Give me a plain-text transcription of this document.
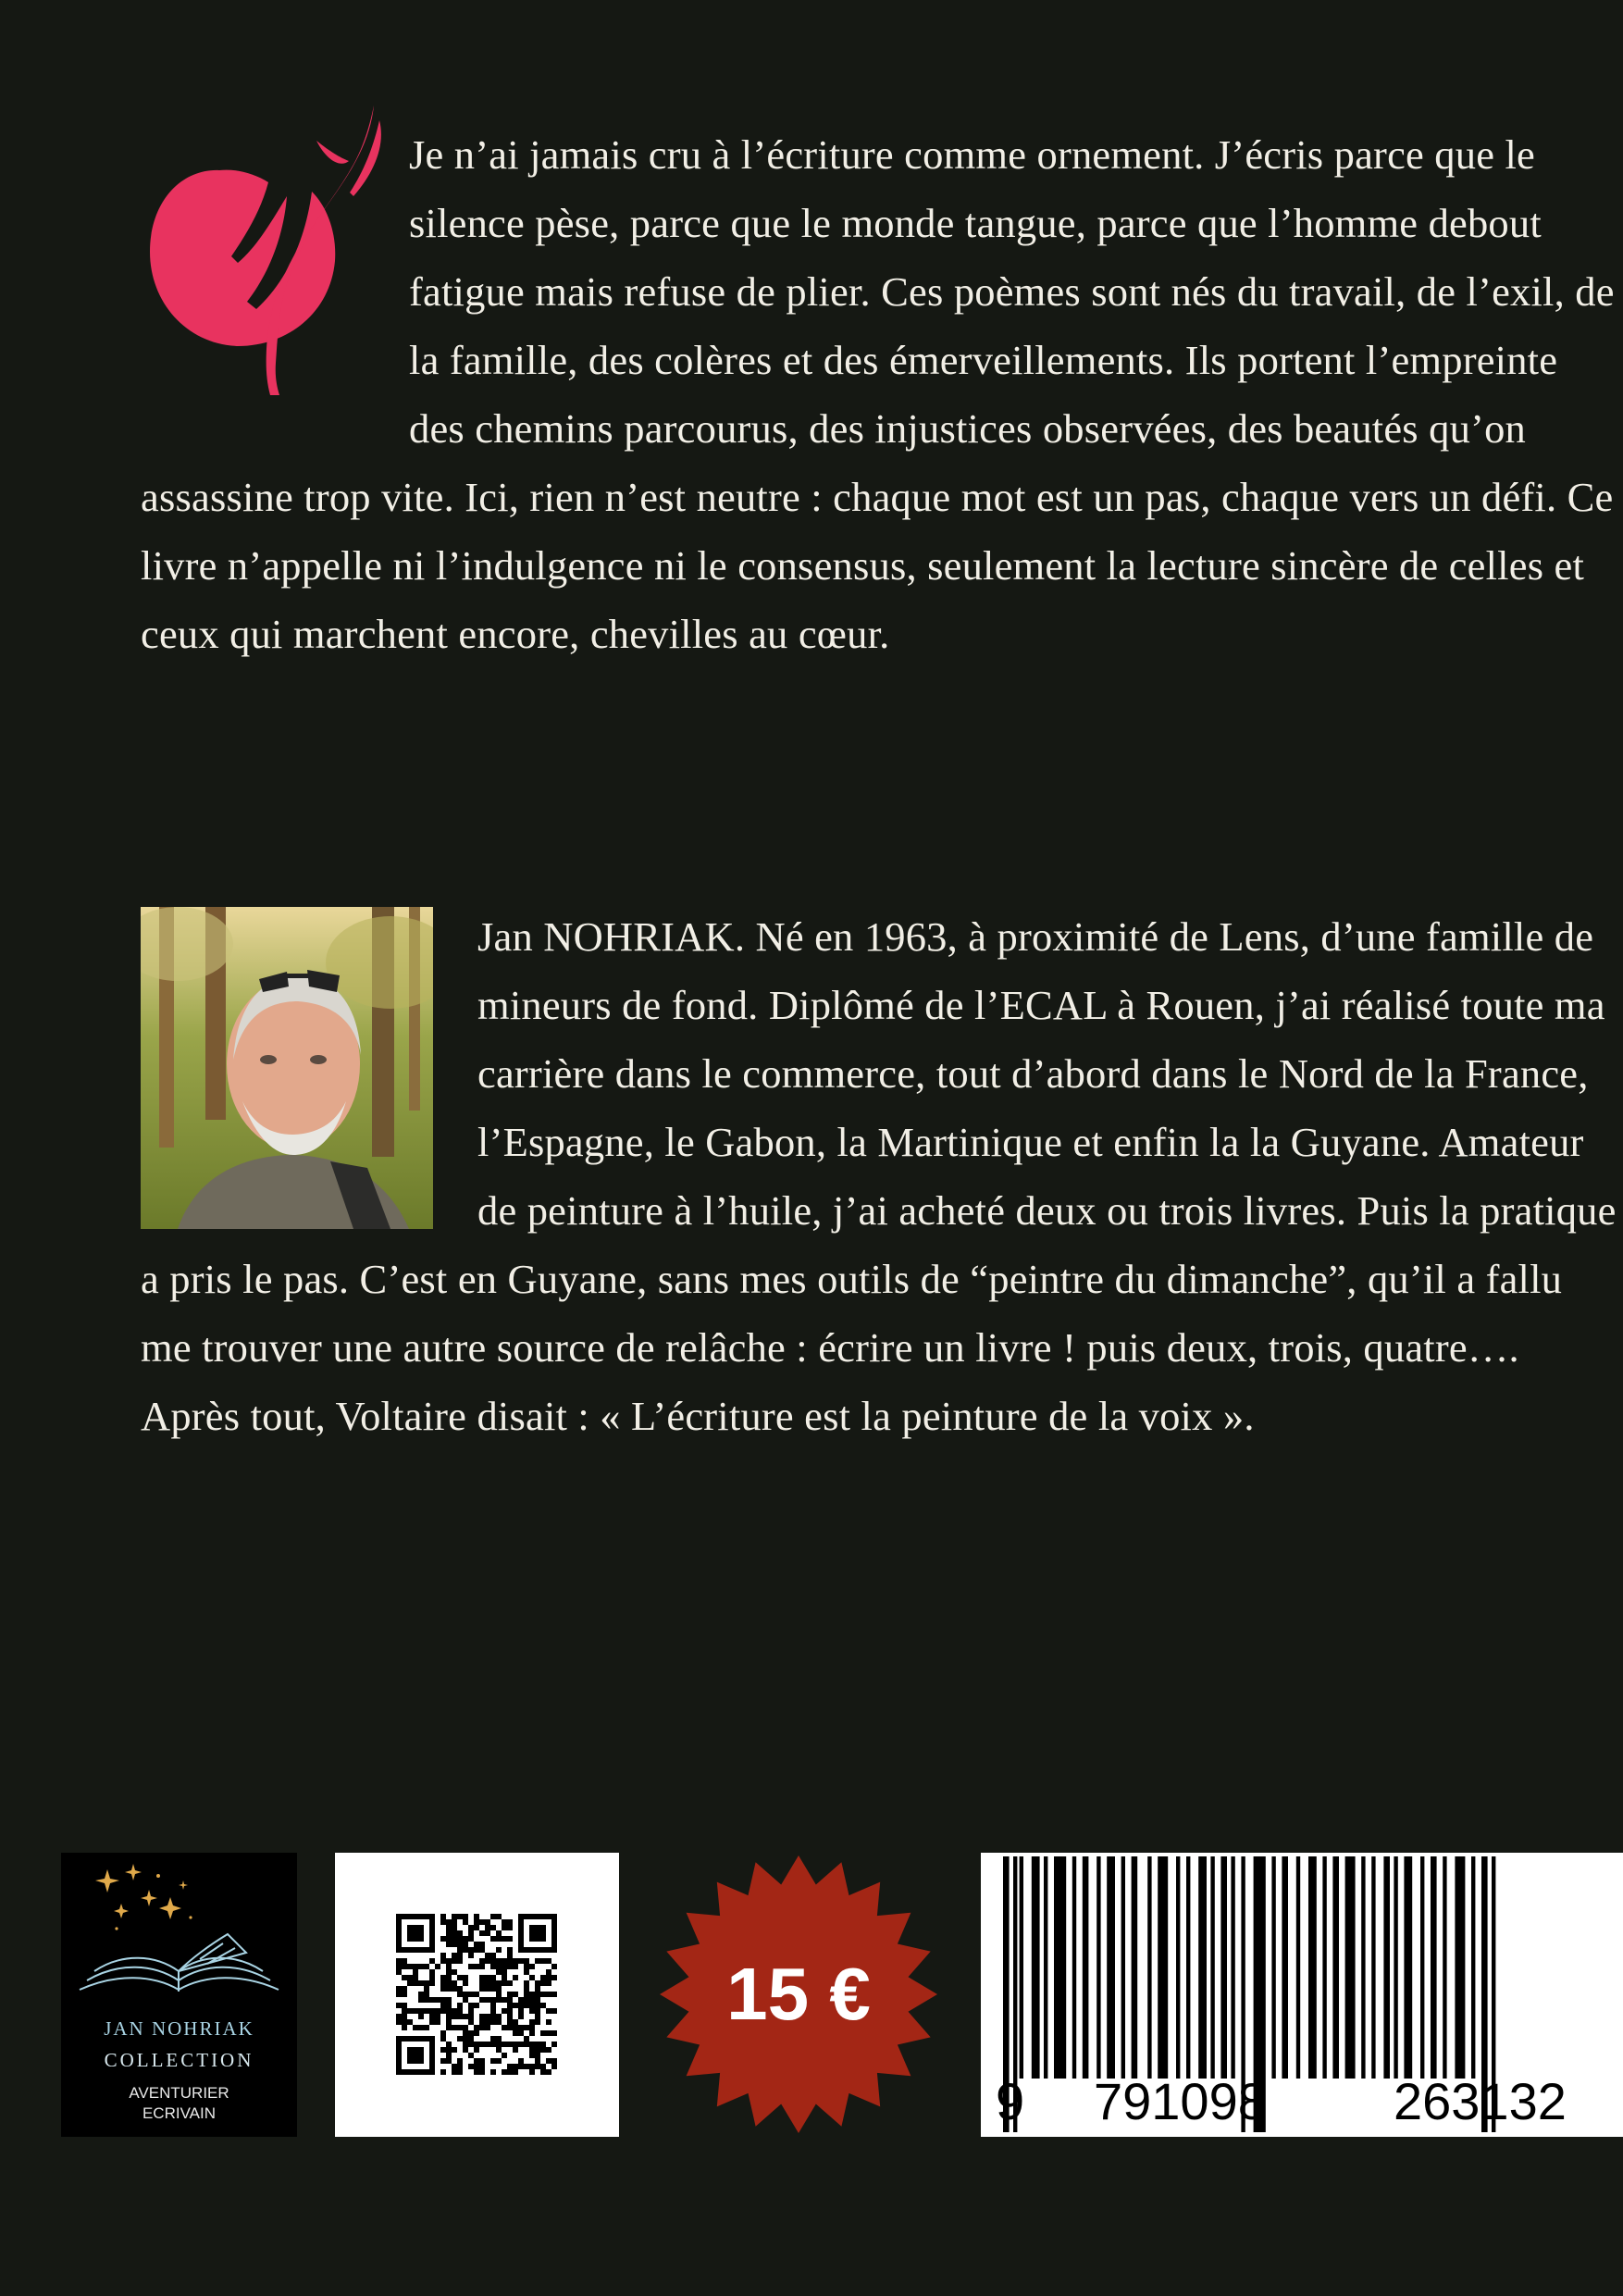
Je n’ai jamais cru à l’écriture comme ornement. J’écris parce que le silence pèse, parce que le monde tangue, parce que l’homme debout fatigue mais refuse de plier. Ces poèmes sont nés du travail, de l’exil, de la famille, des colères et des émerveillements. Ils portent l’empreinte des chemins parcourus, des injustices observées, des beautés qu’on assassine trop vite. Ici, rien n’est neutre : chaque mot est un pas, chaque vers un défi. Ce livre n’appelle ni l’indulgence ni le consensus, seulement la lecture sincère de celles et ceux qui marchent encore, chevilles au cœur.

Jan NOHRIAK. Né en 1963, à proximité de Lens, d’une famille de mineurs de fond. Diplômé de l’ECAL à Rouen, j’ai réalisé toute ma carrière dans le commerce, tout d’abord dans le Nord de la France, l’Espagne, le Gabon, la Martinique et enfin la la Guyane. Amateur de peinture à l’huile, j’ai acheté deux ou trois livres. Puis la pratique a pris le pas. C’est en Guyane, sans mes outils de “peintre du dimanche”, qu’il a fallu me trouver une autre source de relâche : écrire un livre ! puis deux, trois, quatre…. Après tout, Voltaire disait : « L’écriture est la peinture de la voix ».

JAN NOHRIAK
COLLECTION
AVENTURIER
ECRIVAIN
15 €
9 791098 263132
